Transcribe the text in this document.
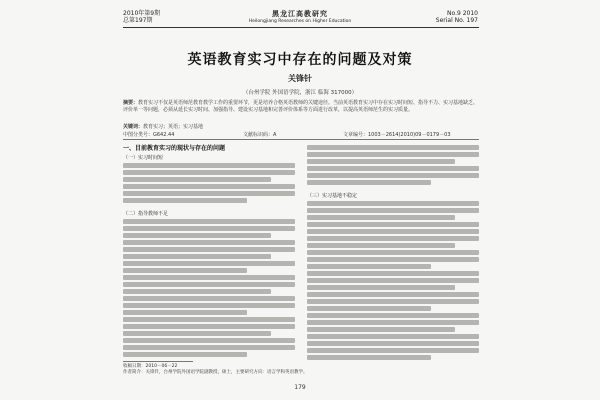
2010年第9期
总第197期
黑龙江高教研究
Heilongjiang Researches on Higher Education
No.9 2010
Serial No. 197
英语教育实习中存在的问题及对策
关锋针
（台州学院 外国语学院，浙江 临海 317000）
摘要：教育实习不仅是英语师范教育教学工作的重要环节，更是培养合格英语教师的关键途径。当前英语教育实习中存在实习时间短、指导不力、实习基地缺乏、评价单一等问题，必须从延长实习时间、加强指导、建设实习基地和完善评价体系等方面进行改革，以提高英语师范生的实习质量。
关键词：教育实习；英语；实习基地
中图分类号：G642.44	文献标识码：A	文章编号：1003－2614(2010)09－0179－03
一、目前教育实习的现状与存在的问题
（一）实习时间短
（二）指导教师不足
（三）实习基地不稳定
收稿日期：2010－06－22
作者简介：关锋针，台州学院外国语学院副教授，硕士，主要研究方向：语言学和英语教学。
179
